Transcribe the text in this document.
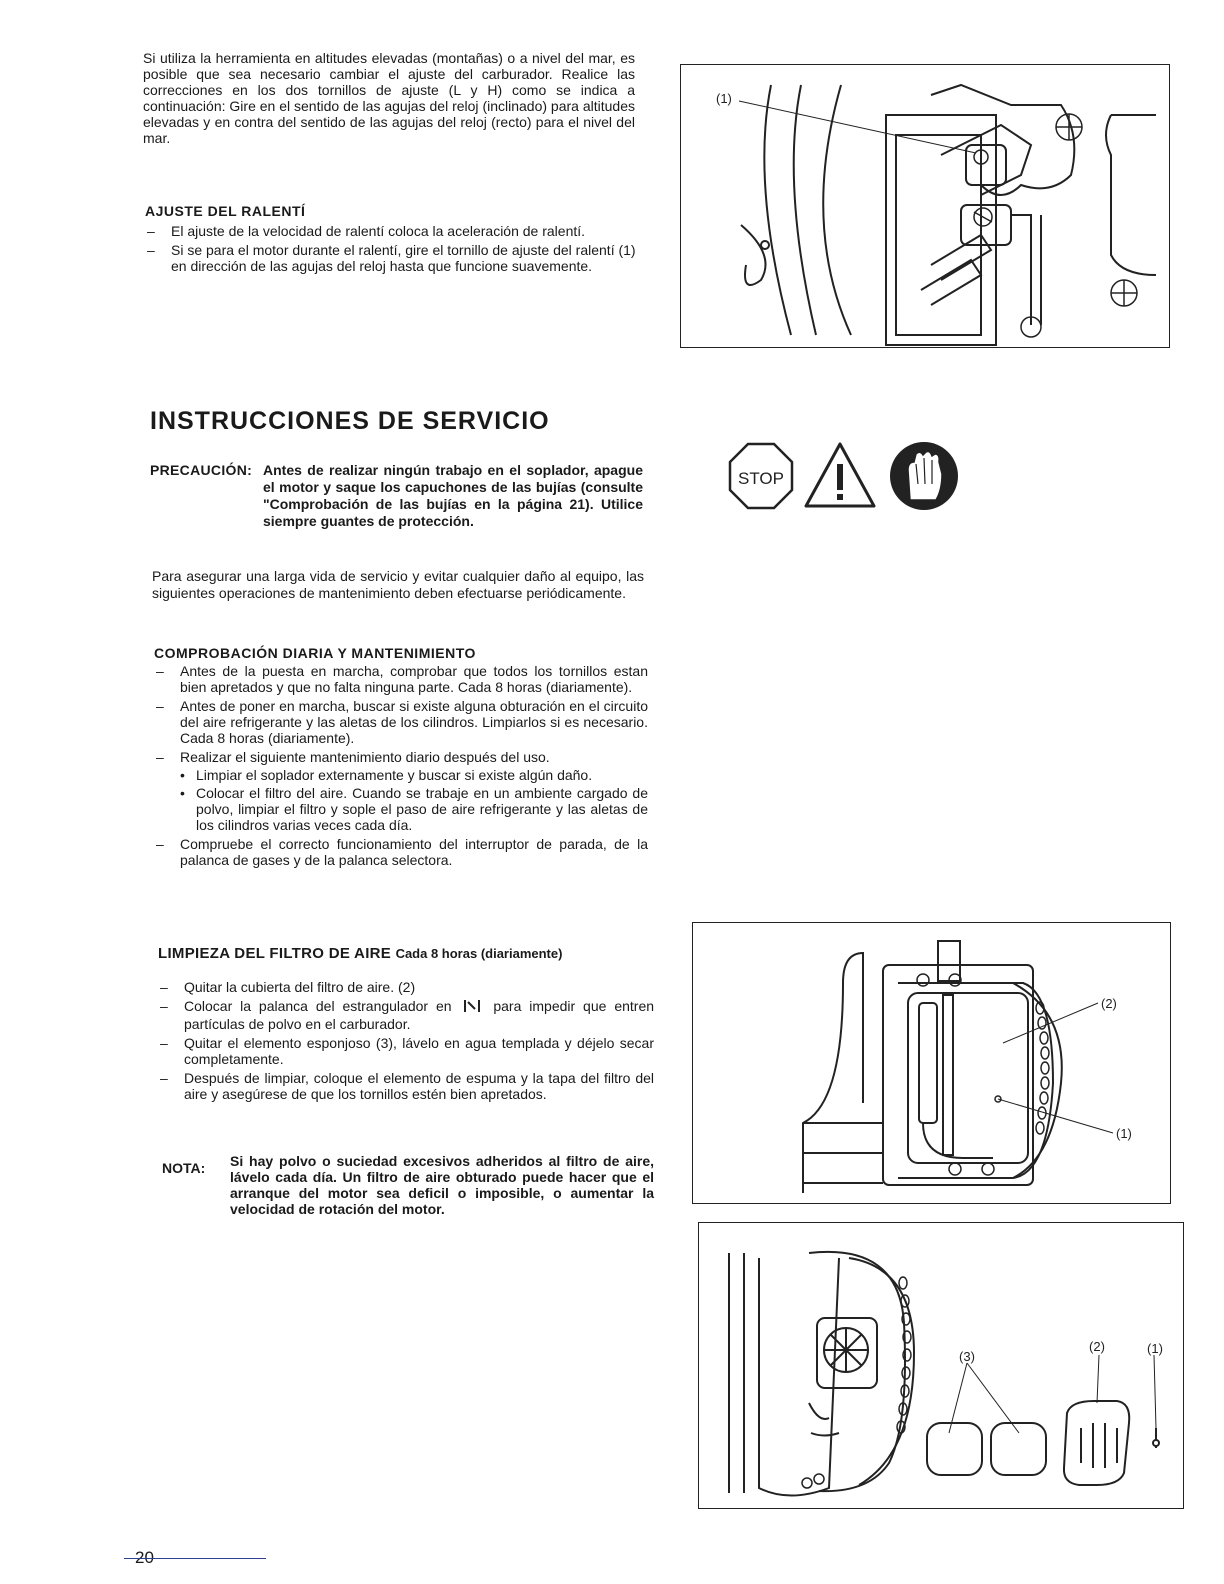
Si utiliza la herramienta en altitudes elevadas (montañas) o a nivel del mar, es posible que sea necesario cambiar el ajuste del carburador. Realice las correcciones en los dos tornillos de ajuste (L y H) como se indica a continuación: Gire en el sentido de las agujas del reloj (inclinado) para altitudes elevadas y en contra del sentido de las agujas del reloj (recto) para el nivel del mar.

AJUSTE DEL RALENTÍ
– El ajuste de la velocidad de ralentí coloca la aceleración de ralentí.
– Si se para el motor durante el ralentí, gire el tornillo de ajuste del ralentí (1) en dirección de las agujas del reloj hasta que funcione suavemente.
(1)
INSTRUCCIONES DE SERVICIO
PRECAUCIÓN: Antes de realizar ningún trabajo en el soplador, apague el motor y saque los capuchones de las bujías (consulte "Comprobación de las bujías en la página 21). Utilice siempre guantes de protección.

STOP

Para asegurar una larga vida de servicio y evitar cualquier daño al equipo, las siguientes operaciones de mantenimiento deben efectuarse periódicamente.

COMPROBACIÓN DIARIA Y MANTENIMIENTO
– Antes de la puesta en marcha, comprobar que todos los tornillos estan bien apretados y que no falta ninguna parte. Cada 8 horas (diariamente).
– Antes de poner en marcha, buscar si existe alguna obturación en el circuito del aire refrigerante y las aletas de los cilindros. Limpiarlos si es necesario. Cada 8 horas (diariamente).
– Realizar el siguiente mantenimiento diario después del uso.
• Limpiar el soplador externamente y buscar si existe algún daño.
• Colocar el filtro del aire. Cuando se trabaje en un ambiente cargado de polvo, limpiar el filtro y sople el paso de aire refrigerante y las aletas de los cilindros varias veces cada día.
– Compruebe el correcto funcionamiento del interruptor de parada, de la palanca de gases y de la palanca selectora.
LIMPIEZA DEL FILTRO DE AIRE Cada 8 horas (diariamente)
– Quitar la cubierta del filtro de aire. (2)
– Colocar la palanca del estrangulador en	para impedir que entren partículas de polvo en el carburador.
– Quitar el elemento esponjoso (3), lávelo en agua templada y déjelo secar completamente.
– Después de limpiar, coloque el elemento de espuma y la tapa del filtro del aire y asegúrese de que los tornillos estén bien apretados.
NOTA: Si hay polvo o suciedad excesivos adheridos al filtro de aire, lávelo cada día. Un filtro de aire obturado puede hacer que el arranque del motor sea deficil o imposible, o aumentar la velocidad de rotación del motor.

(2)
(1)
(3)
(2)	(1)
20
